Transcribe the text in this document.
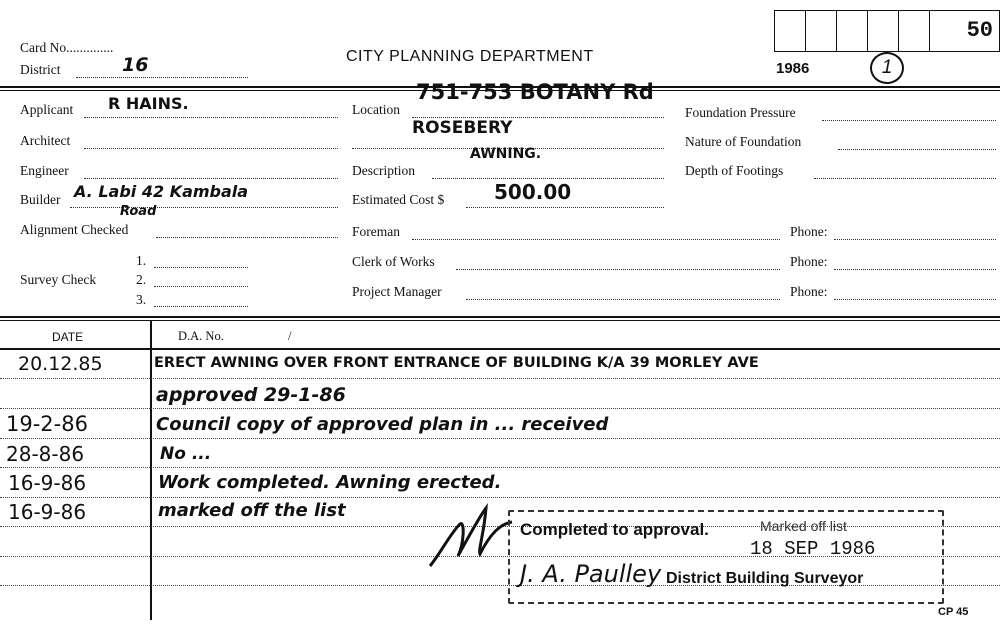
Card No..............
District	16	CITY PLANNING DEPARTMENT
1986	1
50
Applicant R HAINS.
Architect
Engineer
Builder A. Labi 42 Kambala
Road
Alignment Checked
Survey Check
1.
2.
3.
Location
751-753 BOTANY Rd
ROSEBERY
Description
AWNING.
Estimated Cost $ 500.00
Foreman
Clerk of Works
Project Manager
Foundation Pressure
Nature of Foundation
Depth of Footings
Phone:
Phone:
Phone:
DATE	D.A. No.	/
20.12.85	ERECT AWNING OVER FRONT ENTRANCE OF BUILDING K/A 39 MORLEY AVE
approved 29-1-86
19-2-86	Council copy of approved plan in ... received
28-8-86	No ...
16-9-86	Work completed. Awning erected.
16-9-86	marked off the list
Completed to approval.	Marked off list
18 SEP 1986
J. A. Paulley District Building Surveyor
CP 45
